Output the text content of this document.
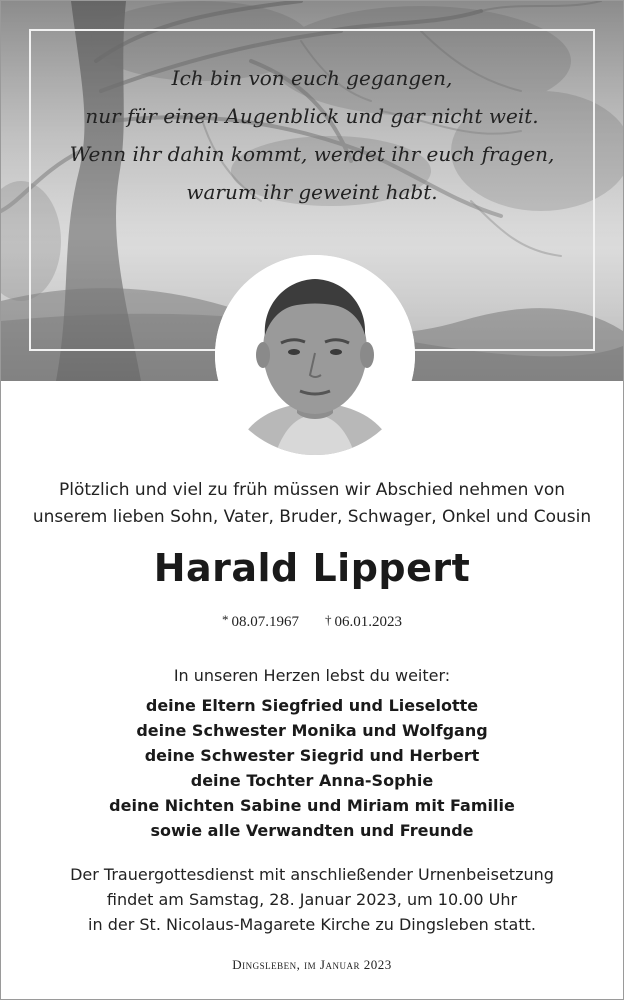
Ich bin von euch gegangen,
nur für einen Augenblick und gar nicht weit.
Wenn ihr dahin kommt, werdet ihr euch fragen,
warum ihr geweint habt.
Plötzlich und viel zu früh müssen wir Abschied nehmen von
unserem lieben Sohn, Vater, Bruder, Schwager, Onkel und Cousin
Harald Lippert
* 08.07.1967 † 06.01.2023
In unseren Herzen lebst du weiter:
deine Eltern Siegfried und Lieselotte
deine Schwester Monika und Wolfgang
deine Schwester Siegrid und Herbert
deine Tochter Anna-Sophie
deine Nichten Sabine und Miriam mit Familie
sowie alle Verwandten und Freunde
Der Trauergottesdienst mit anschließender Urnenbeisetzung
findet am Samstag, 28. Januar 2023, um 10.00 Uhr
in der St. Nicolaus-Magarete Kirche zu Dingsleben statt.
Dingsleben, im Januar 2023
